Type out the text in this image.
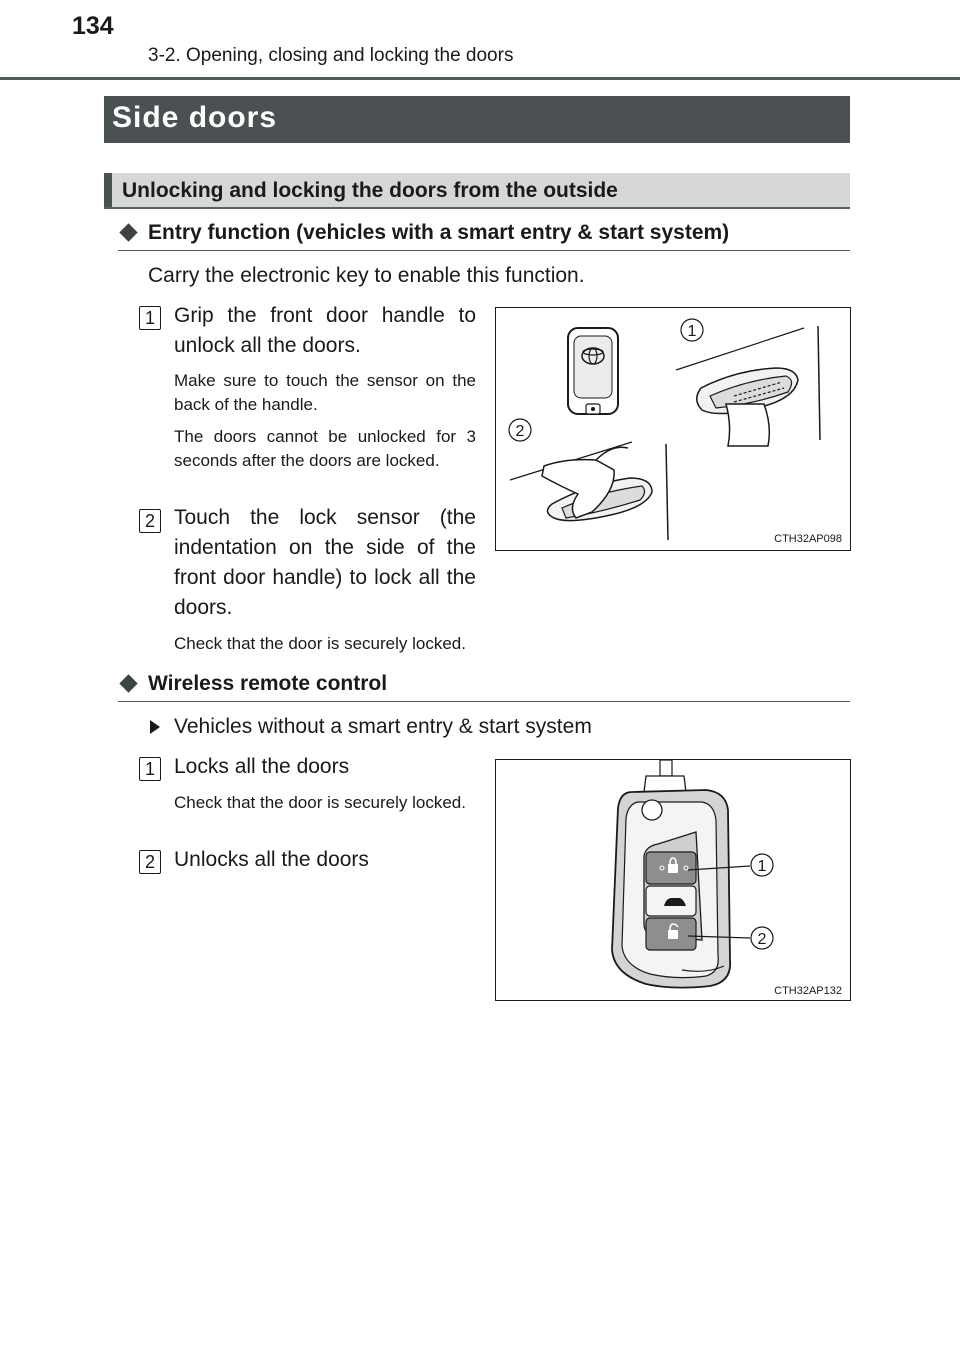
134
3-2. Opening, closing and locking the doors
Side doors
Unlocking and locking the doors from the outside
Entry function (vehicles with a smart entry & start system)
Carry the electronic key to enable this function.
1 Grip the front door handle to unlock all the doors.
Make sure to touch the sensor on the back of the handle.
The doors cannot be unlocked for 3 seconds after the doors are locked.
2 Touch the lock sensor (the indentation on the side of the front door handle) to lock all the doors.
Check that the door is securely locked.
1
2
CTH32AP098
Wireless remote control
Vehicles without a smart entry & start system
1 Locks all the doors
Check that the door is securely locked.
2 Unlocks all the doors	1
2
CTH32AP132
